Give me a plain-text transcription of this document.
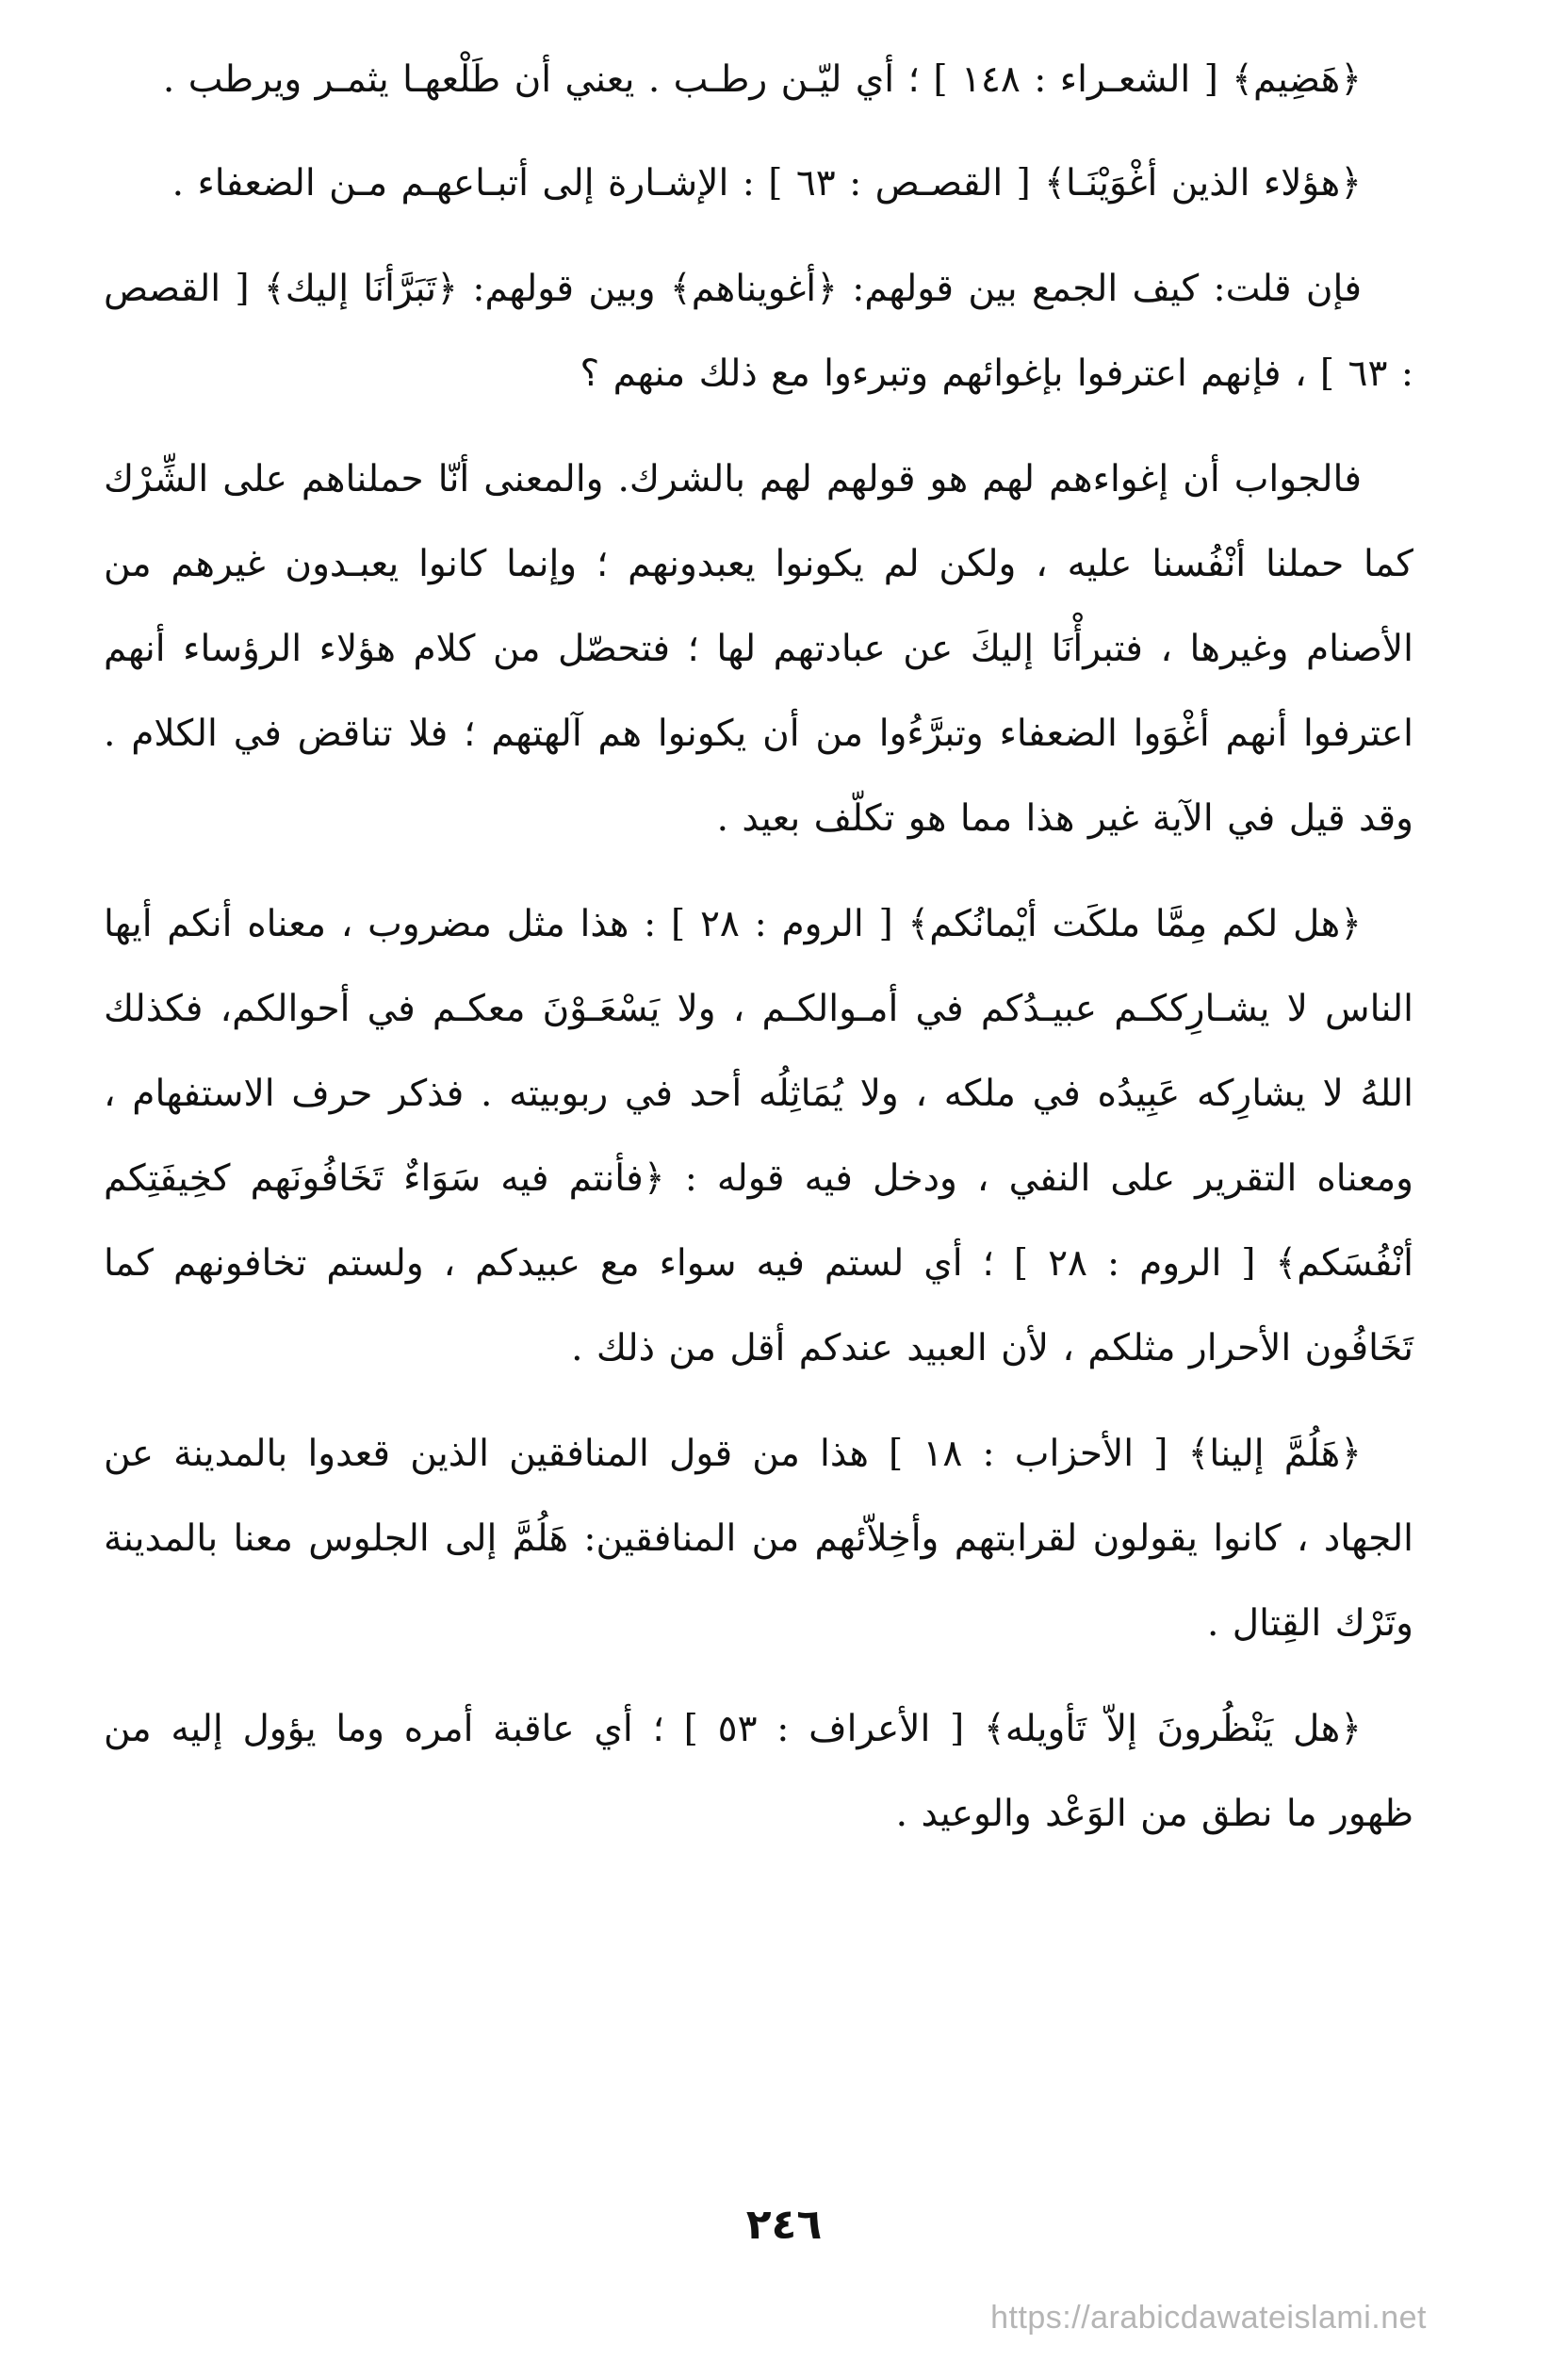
﴿هَضِيم﴾ [ الشعـراء : ١٤٨ ] ؛ أي ليّـن رطـب . يعني أن طَلْعهـا يثمـر ويرطب .

﴿هؤلاء الذين أغْوَيْنَـا﴾ [ القصـص : ٦٣ ] : الإشـارة إلى أتبـاعهـم مـن الضعفاء .

فإن قلت: كيف الجمع بين قولهم: ﴿أغويناهم﴾ وبين قولهم: ﴿تَبَرَّأنَا إليك﴾ [ القصص : ٦٣ ] ، فإنهم اعترفوا بإغوائهم وتبرءوا مع ذلك منهم ؟

فالجواب أن إغواءهم لهم هو قولهم لهم بالشرك. والمعنى أنّا حملناهم على الشِّرْك كما حملنا أنْفُسنا عليه ، ولكن لم يكونوا يعبدونهم ؛ وإنما كانوا يعبـدون غيرهم من الأصنام وغيرها ، فتبرأْنَا إليكَ عن عبادتهم لها ؛ فتحصّل من كلام هؤلاء الرؤساء أنهم اعترفوا أنهم أغْوَوا الضعفاء وتبرَّءُوا من أن يكونوا هم آلهتهم ؛ فلا تناقض في الكلام . وقد قيل في الآية غير هذا مما هو تكلّف بعيد .

﴿هل لكم مِمَّا ملكَت أيْمانُكم﴾ [ الروم : ٢٨ ] : هذا مثل مضروب ، معناه أنكم أيها الناس لا يشـارِككـم عبيـدُكم في أمـوالكـم ، ولا يَسْعَـوْنَ معكـم في أحوالكم، فكذلك اللهُ لا يشارِكه عَبِيدُه في ملكه ، ولا يُمَاثِلُه أحد في ربوبيته . فذكر حرف الاستفهام ، ومعناه التقرير على النفي ، ودخل فيه قوله : ﴿فأنتم فيه سَوَاءٌ تَخَافُونَهم كخِيفَتِكم أنْفُسَكم﴾ [ الروم : ٢٨ ] ؛ أي لستم فيه سواء مع عبيدكم ، ولستم تخافونهم كما تَخَافُون الأحرار مثلكم ، لأن العبيد عندكم أقل من ذلك .

﴿هَلُمَّ إلينا﴾ [ الأحزاب : ١٨ ] هذا من قول المنافقين الذين قعدوا بالمدينة عن الجهاد ، كانوا يقولون لقرابتهم وأخِلاّئهم من المنافقين: هَلُمَّ إلى الجلوس معنا بالمدينة وتَرْك القِتال .

﴿هل يَنْظُرونَ إلاّ تَأويله﴾ [ الأعراف : ٥٣ ] ؛ أي عاقبة أمره وما يؤول إليه من ظهور ما نطق من الوَعْد والوعيد .

٢٤٦
https://arabicdawateislami.net
